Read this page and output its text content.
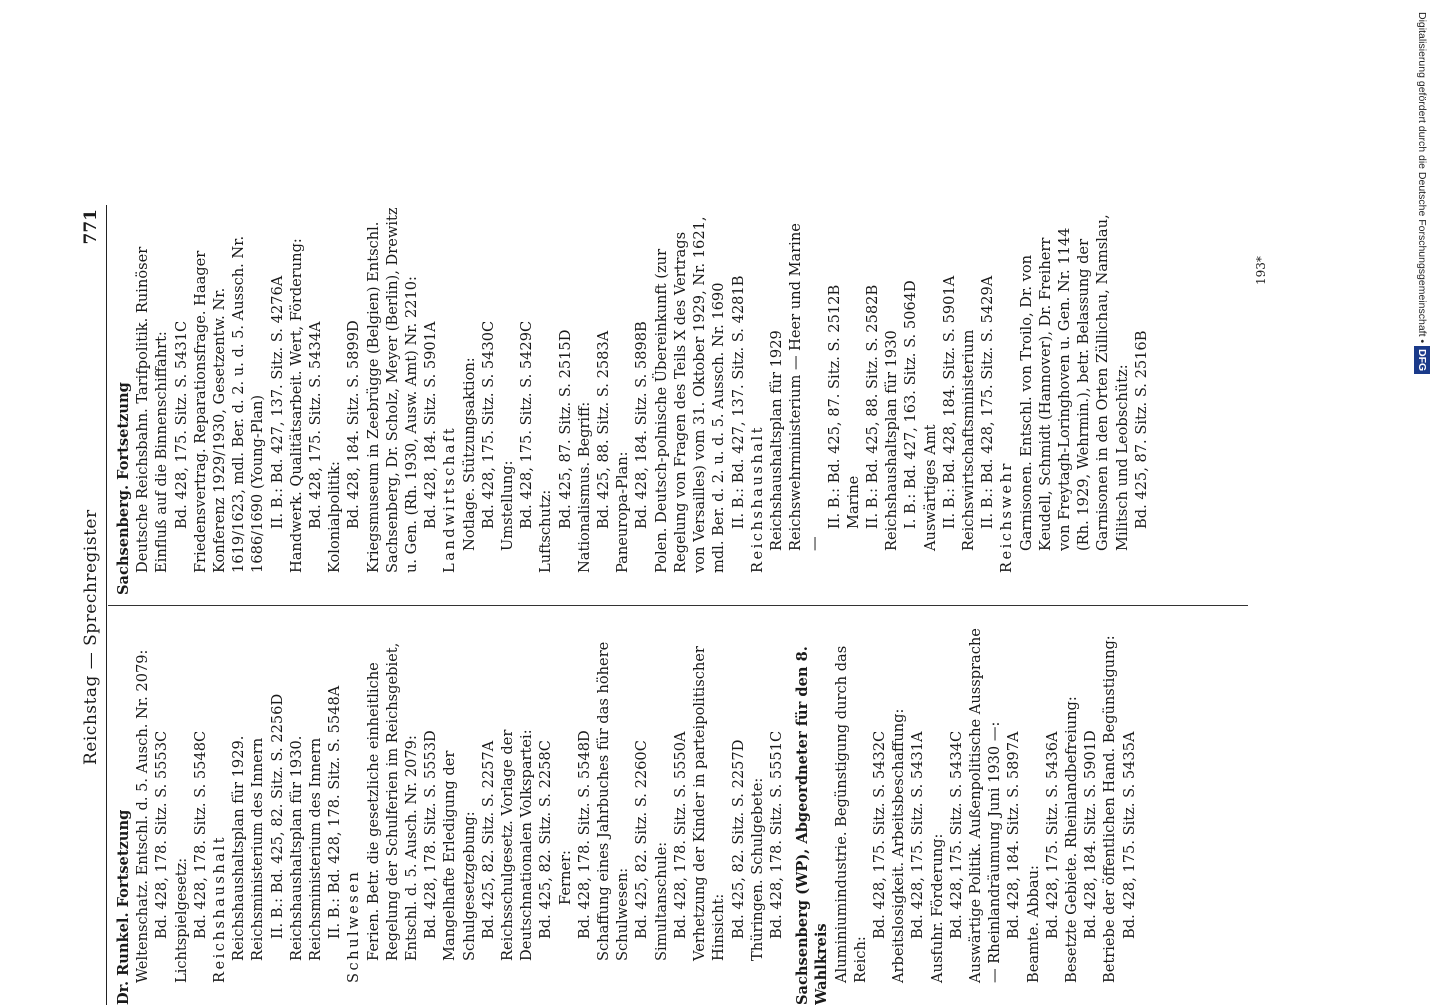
Reichstag — Sprechregister
771

Dr. Runkel. Fortsetzung Weltenschatz. Entschl. d. 5. Ausch. Nr. 2079: Bd. 428, 178. Sitz. S. 5553C Lichtspielgesetz: Bd. 428, 178. Sitz. S. 5548C Reichshaushalt Reichshaushaltsplan für 1929. Reichsministerium des Innern II. B.: Bd. 425, 82. Sitz. S. 2256D Reichshaushaltsplan für 1930. Reichsministerium des Innern II. B.: Bd. 428, 178. Sitz. S. 5548A Schulwesen Ferien. Betr. die gesetzliche einheitliche Regelung der Schulferien im Reichsgebiet, Entschl. d. 5. Ausch. Nr. 2079: Bd. 428, 178. Sitz. S. 5553D Mangelhafte Erledigung der Schulgesetzgebung: Bd. 425, 82. Sitz. S. 2257A Reichsschulgesetz. Vorlage der Deutschnationalen Volkspartei: Bd. 425, 82. Sitz. S. 2258C Ferner: Bd. 428, 178. Sitz. S. 5548D Schaffung eines Jahrbuches für das höhere Schulwesen: Bd. 425, 82. Sitz. S. 2260C Simultanschule: Bd. 428, 178. Sitz. S. 5550A Verhetzung der Kinder in parteipolitischer Hinsicht: Bd. 425, 82. Sitz. S. 2257D Thüringen. Schulgebete: Bd. 428, 178. Sitz. S. 5551C Sachsenberg (WP), Abgeordneter für den 8. Wahlkreis Aluminiumindustrie. Begünstigung durch das Reich:

Bd. 428, 175. Sitz. S. 5432C Arbeitslosigkeit. Arbeitsbeschaffung: Bd. 428, 175. Sitz. S. 5431A Ausfuhr. Förderung: Bd. 428, 175. Sitz. S. 5434C Auswärtige Politik. Außenpolitische Aussprache — Rheinlandräumung Juni 1930 —: Bd. 428, 184. Sitz. S. 5897A Beamte. Abbau: Bd. 428, 175. Sitz. S. 5436A Besetzte Gebiete. Rheinlandbefreiung: Bd. 428, 184. Sitz. S. 5901D Betriebe der öffentlichen Hand. Begünstigung: Bd. 428, 175. Sitz. S. 5435A

Sachsenberg. Fortsetzung Deutsche Reichsbahn. Tarifpolitik. Ruinöser Einfluß auf die Binnenschiffahrt: Bd. 428, 175. Sitz. S. 5431C Friedensvertrag. Reparationsfrage. Haager Konferenz 1929/1930, Gesetzentw. Nr. 1619/1623, mdl. Ber. d. 2. u. d. 5. Aussch. Nr. 1686/1690 (Young-Plan) II. B.: Bd. 427, 137. Sitz. S. 4276A Handwerk. Qualitätsarbeit. Wert, Förderung: Bd. 428, 175. Sitz. S. 5434A Kolonialpolitik: Bd. 428, 184. Sitz. S. 5899D Kriegsmuseum in Zeebrügge (Belgien) Entschl. Sachsenberg, Dr. Scholz, Meyer (Berlin), Drewitz u. Gen. (Rh. 1930, Ausw. Amt) Nr. 2210: Bd. 428, 184. Sitz. S. 5901A Landwirtschaft Notlage. Stützungsaktion: Bd. 428, 175. Sitz. S. 5430C Umstellung: Bd. 428, 175. Sitz. S. 5429C

Luftschutz:

Bd. 425, 87. Sitz. S. 2515D Nationalismus. Begriff: Bd. 425, 88. Sitz. S. 2583A Paneuropa-Plan: Bd. 428, 184. Sitz. S. 5898B Polen. Deutsch-polnische Übereinkunft (zur Regelung von Fragen des Teils X des Vertrags von Versailles) vom 31. Oktober 1929, Nr. 1621, mdl. Ber. d. 2. u. d. 5. Aussch. Nr. 1690 II. B.: Bd. 427, 137. Sitz. S. 4281B Reichshaushalt Reichshaushaltsplan für 1929 Reichswehrministerium — Heer und Marine —

II. B.: Bd. 425, 87. Sitz. S. 2512B Marine II. B.: Bd. 425, 88. Sitz. S. 2582B Reichshaushaltsplan für 1930 I. B.: Bd. 427, 163. Sitz. S. 5064D Auswärtiges Amt II. B.: Bd. 428, 184. Sitz. S. 5901A Reichswirtschaftsministerium II. B.: Bd. 428, 175. Sitz. S. 5429A Reichswehr Garnisonen. Entschl. von Troilo, Dr. von Keudell, Schmidt (Hannover), Dr. Freiherr von Freytagh-Loringhoven u. Gen. Nr. 1144 (Rh. 1929, Wehrmin.), betr. Belassung der Garnisonen in den Orten Züllichau, Namslau, Militsch und Leobschütz: Bd. 425, 87. Sitz. S. 2516B

193*	Digitalisierung gefördert durch die Deutsche Forschungsgemeinschaft • DFG
